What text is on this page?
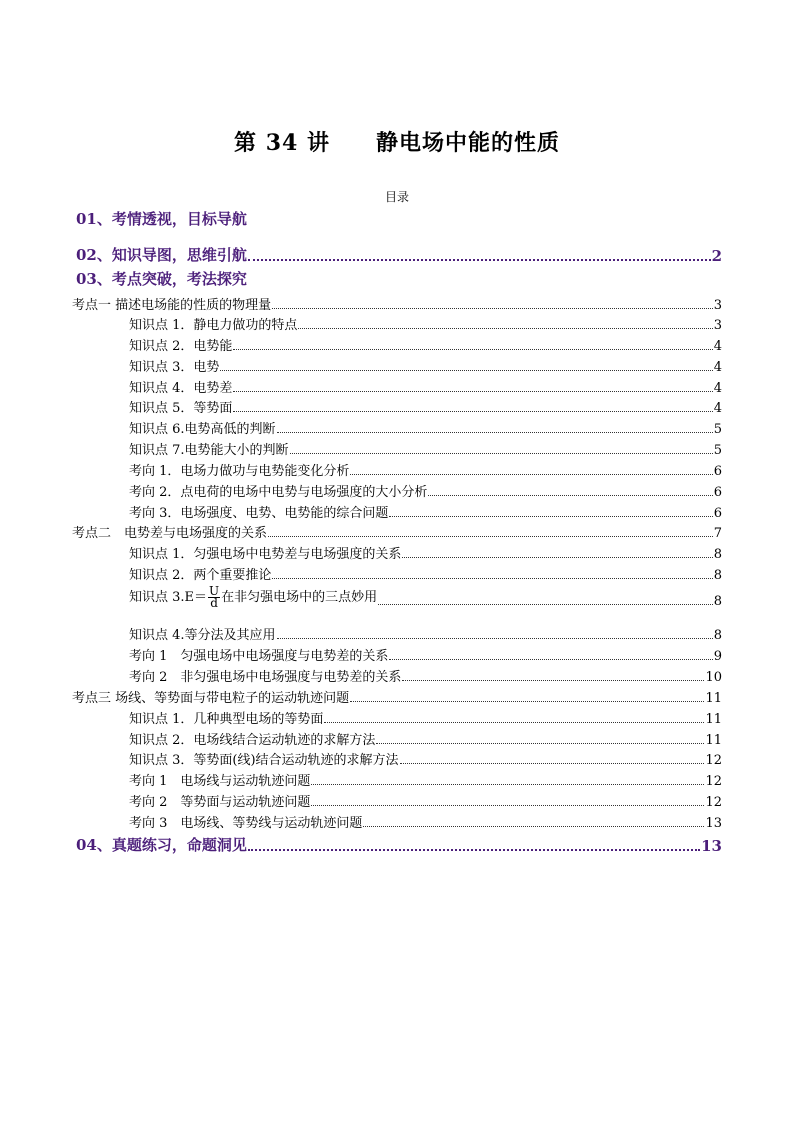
第 34 讲　　静电场中能的性质
目录
01、考情透视，目标导航
02、知识导图，思维引航	2
03、考点突破，考法探究
考点一 描述电场能的性质的物理量	3
知识点 1．静电力做功的特点	3
知识点 2．电势能	4
知识点 3．电势	4
知识点 4．电势差	4
知识点 5．等势面	4
知识点 6.电势高低的判断	5
知识点 7.电势能大小的判断	5
考向 1．电场力做功与电势能变化分析	6
考向 2．点电荷的电场中电势与电场强度的大小分析	6
考向 3．电场强度、电势、电势能的综合问题	6
考点二　电势差与电场强度的关系	7
知识点 1．匀强电场中电势差与电场强度的关系	8
知识点 2．两个重要推论	8
知识点 $3.E= \frac{U}{d}$ 在非匀强电场中的三点妙用	8
知识点 4.等分法及其应用	8
考向 1　匀强电场中电场强度与电势差的关系	9
考向 2　非匀强电场中电场强度与电势差的关系	10
考点三 场线、等势面与带电粒子的运动轨迹问题	11
知识点 1．几种典型电场的等势面	11
知识点 2．电场线结合运动轨迹的求解方法	11
知识点 3．等势面(线)结合运动轨迹的求解方法	12
考向 1　电场线与运动轨迹问题	12
考向 2　等势面与运动轨迹问题	12
考向 3　电场线、等势线与运动轨迹问题	13
04、真题练习，命题洞见	13
